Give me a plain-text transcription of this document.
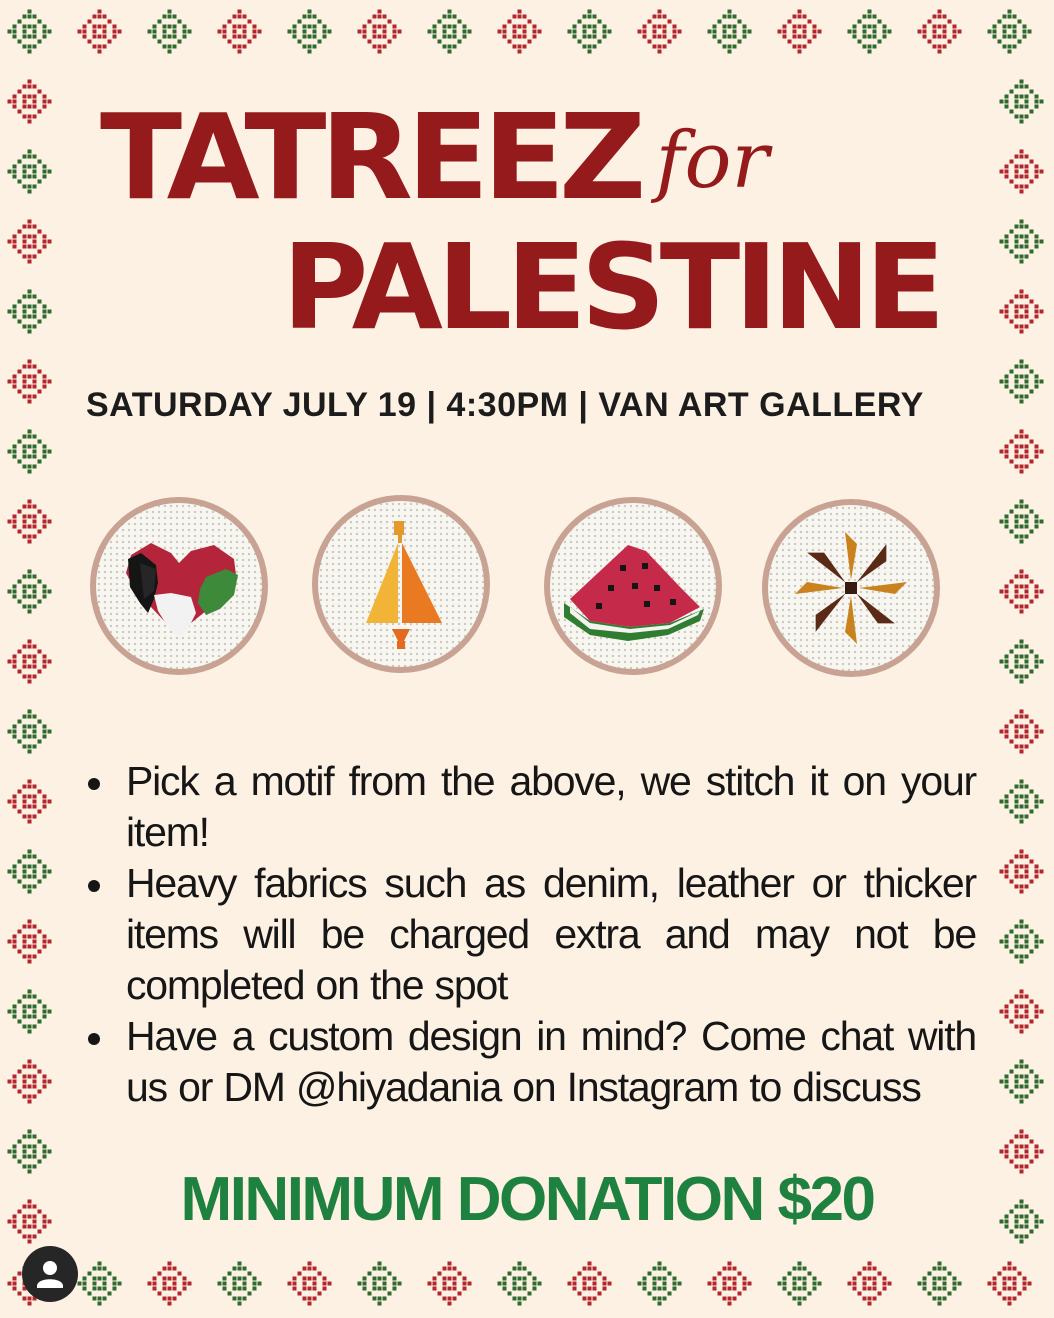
TATREEZ for
PALESTINE
SATURDAY JULY 19 | 4:30PM | VAN ART GALLERY
Pick a motif from the above, we stitch it on your item!
Heavy fabrics such as denim, leather or thicker items will be charged extra and may not be completed on the spot
Have a custom design in mind? Come chat with us or DM @hiyadania on Instagram to discuss
MINIMUM DONATION $20
